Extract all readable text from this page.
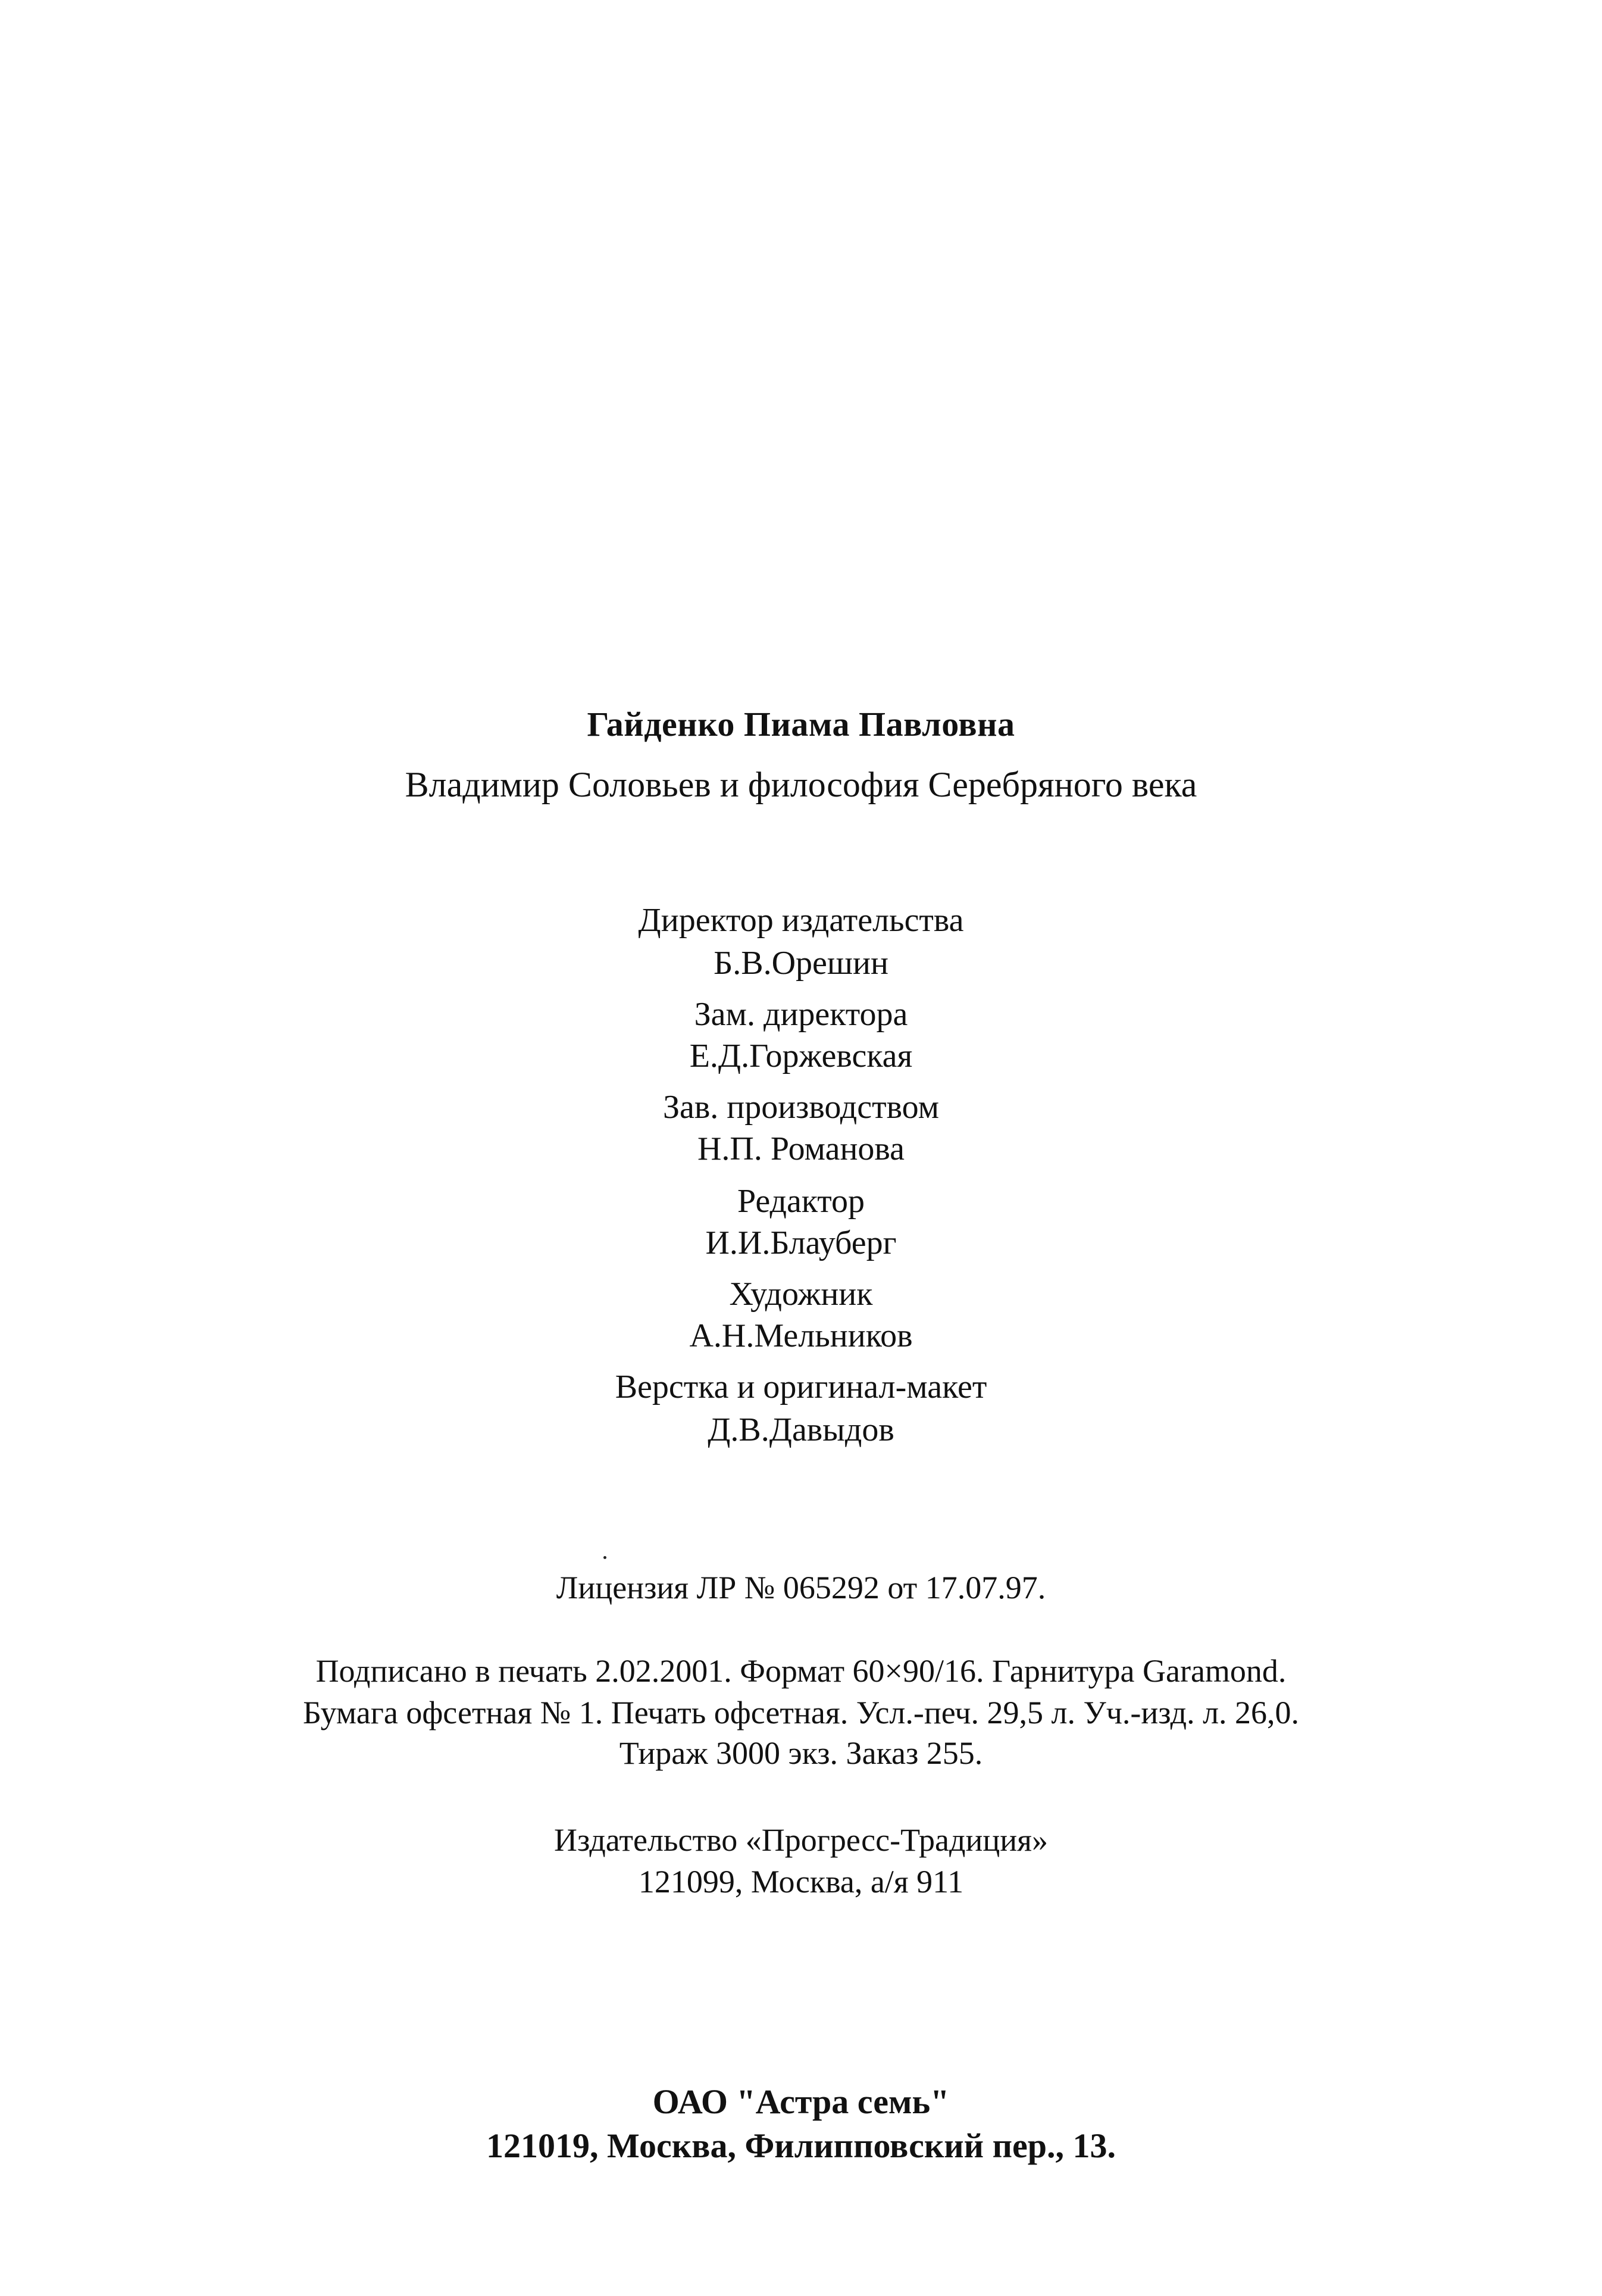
Гайденко Пиама Павловна
Владимир Соловьев и философия Серебряного века
Директор издательства
Б.В.Орешин
Зам. директора
Е.Д.Горжевская
Зав. производством
Н.П. Романова
Редактор
И.И.Блауберг
Художник
А.Н.Мельников
Верстка и оригинал-макет
Д.В.Давыдов
Лицензия ЛР № 065292 от 17.07.97.
Подписано в печать 2.02.2001. Формат 60×90/16. Гарнитура Garamond.
Бумага офсетная № 1. Печать офсетная. Усл.-печ. 29,5 л. Уч.-изд. л. 26,0.
Тираж 3000 экз. Заказ 255.
Издательство «Прогресс-Традиция»
121099, Москва, а/я 911
ОАО "Астра семь"
121019, Москва, Филипповский пер., 13.
